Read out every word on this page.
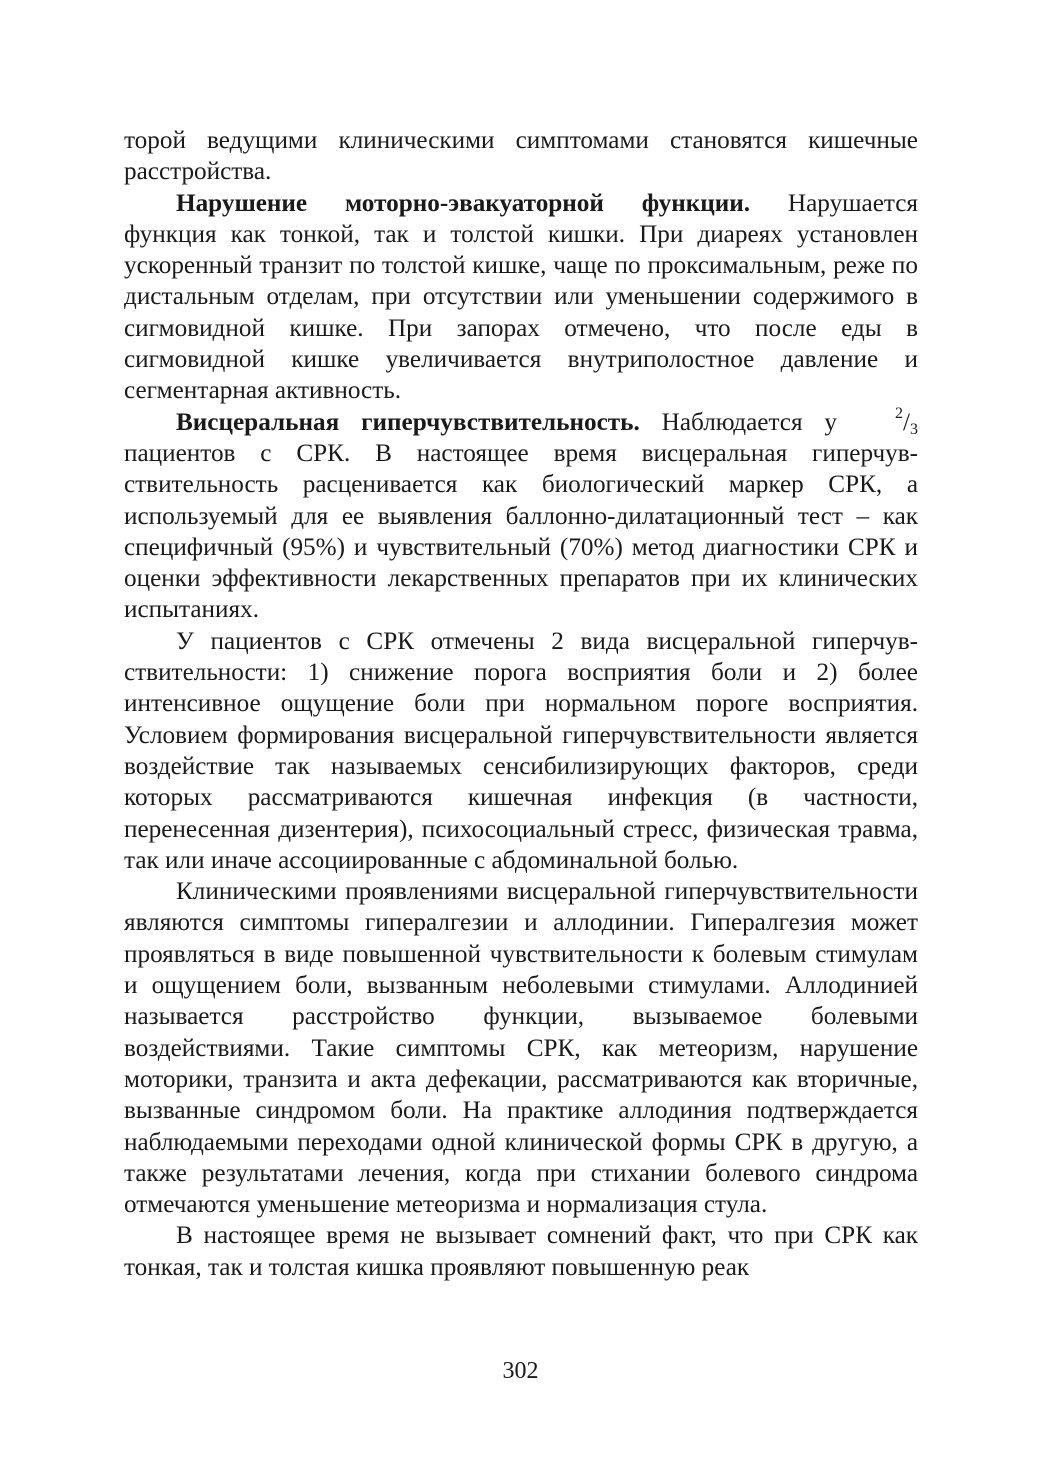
торой ведущими клиническими симптомами становятся кишечные расстройства.

Нарушение моторно-эвакуаторной функции. Нарушается функция как тонкой, так и толстой кишки. При диареях установлен ускоренный транзит по толстой кишке, чаще по проксимальным, реже по дистальным отделам, при отсутствии или уменьшении содержимого в сигмовидной кишке. При запорах отмечено, что после еды в сигмовидной кишке увеличивается внутриполостное давление и сегментарная активность.

Висцеральная гиперчувствительность. Наблюдается у	$^2$/3 пациентов с СРК. В настоящее время висцеральная гиперчувствительность расценивается как биологический маркер СРК, а используемый для ее выявления баллонно-дилатационный тест – как специфичный (95%) и чувствительный (70%) метод диагностики СРК и оценки эффективности лекарственных препаратов при их клинических испытаниях.

У пациентов с СРК отмечены 2 вида висцеральной гиперчувствительности: 1) снижение порога восприятия боли и 2) более интенсивное ощущение боли при нормальном пороге восприятия. Условием формирования висцеральной гиперчувствительности является воздействие так называемых сенсибилизирующих факторов, среди которых рассматриваются кишечная инфекция (в частности, перенесенная дизентерия), психосоциальный стресс, физическая травма, так или иначе ассоциированные с абдоминальной болью.

Клиническими проявлениями висцеральной гиперчувствительности являются симптомы гипералгезии и аллодинии. Гипералгезия может проявляться в виде повышенной чувствительности к болевым стимулам и ощущением боли, вызванным неболевыми стимулами. Аллодинией называется расстройство функции, вызываемое болевыми воздействиями. Такие симптомы СРК, как метеоризм, нарушение моторики, транзита и акта дефекации, рассматриваются как вторичные, вызванные синдромом боли. На практике аллодиния подтверждается наблюдаемыми переходами одной клинической формы СРК в другую, а также результатами лечения, когда при стихании болевого синдрома отмечаются уменьшение метеоризма и нормализация стула.

В настоящее время не вызывает сомнений факт, что при СРК как тонкая, так и толстая кишка проявляют повышенную реак

302
